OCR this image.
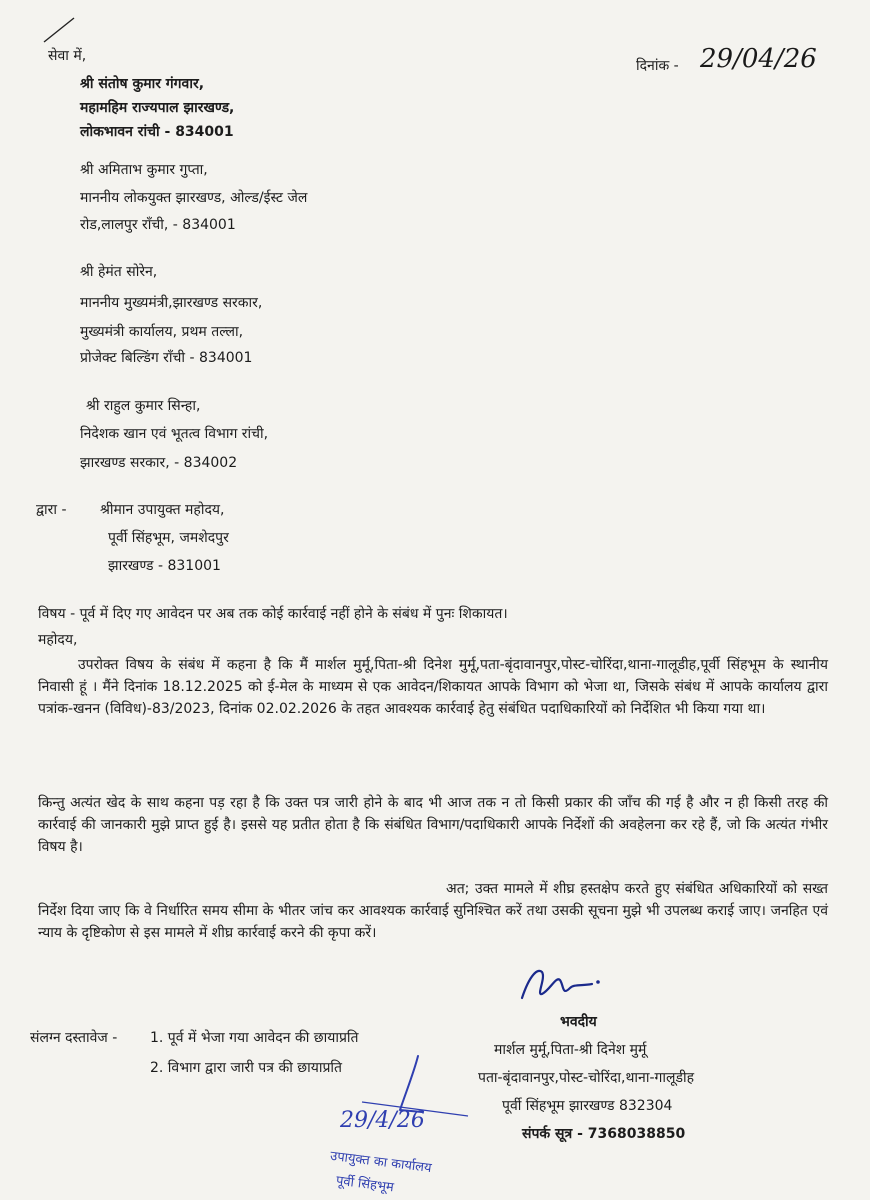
सेवा में,
दिनांक - 29/04/26
श्री संतोष कुमार गंगवार,
महामहिम राज्यपाल झारखण्ड,
लोकभावन रांची - 834001
श्री अमिताभ कुमार गुप्ता,
माननीय लोकयुक्त झारखण्ड, ओल्ड/ईस्ट जेल
रोड,लालपुर राँची, - 834001
श्री हेमंत सोरेन,
माननीय मुख्यमंत्री,झारखण्ड सरकार,
मुख्यमंत्री कार्यालय, प्रथम तल्ला,
प्रोजेक्ट बिल्डिंग राँची - 834001
श्री राहुल कुमार सिन्हा,
निदेशक खान एवं भूतत्व विभाग रांची,
झारखण्ड सरकार, - 834002
द्वारा - श्रीमान उपायुक्त महोदय,
पूर्वी सिंहभूम, जमशेदपुर
झारखण्ड - 831001
विषय - पूर्व में दिए गए आवेदन पर अब तक कोई कार्रवाई नहीं होने के संबंध में पुनः शिकायत।
महोदय,
उपरोक्त विषय के संबंध में कहना है कि मैं मार्शल मुर्मू,पिता-श्री दिनेश मुर्मू,पता-बृंदावानपुर,पोस्ट-चोरिंदा,थाना-गालूडीह,पूर्वी सिंहभूम के स्थानीय निवासी हूं । मैंने दिनांक 18.12.2025 को ई-मेल के माध्यम से एक आवेदन/शिकायत आपके विभाग को भेजा था, जिसके संबंध में आपके कार्यालय द्वारा पत्रांक-खनन (विविध)-83/2023, दिनांक 02.02.2026 के तहत आवश्यक कार्रवाई हेतु संबंधित पदाधिकारियों को निर्देशित भी किया गया था।
किन्तु अत्यंत खेद के साथ कहना पड़ रहा है कि उक्त पत्र जारी होने के बाद भी आज तक न तो किसी प्रकार की जाँच की गई है और न ही किसी तरह की कार्रवाई की जानकारी मुझे प्राप्त हुई है। इससे यह प्रतीत होता है कि संबंधित विभाग/पदाधिकारी आपके निर्देशों की अवहेलना कर रहे हैं, जो कि अत्यंत गंभीर विषय है।
अत; उक्त मामले में शीघ्र हस्तक्षेप करते हुए संबंधित अधिकारियों को सख्त निर्देश दिया जाए कि वे निर्धारित समय सीमा के भीतर जांच कर आवश्यक कार्रवाई सुनिश्चित करें तथा उसकी सूचना मुझे भी उपलब्ध कराई जाए। जनहित एवं न्याय के दृष्टिकोण से इस मामले में शीघ्र कार्रवाई करने की कृपा करें।
भवदीय
मार्शल मुर्मू,पिता-श्री दिनेश मुर्मू
पता-बृंदावानपुर,पोस्ट-चोरिंदा,थाना-गालूडीह
पूर्वी सिंहभूम झारखण्ड 832304
संपर्क सूत्र - 7368038850
संलग्न दस्तावेज - 1. पूर्व में भेजा गया आवेदन की छायाप्रति
2. विभाग द्वारा जारी पत्र की छायाप्रति
29/4/26
उपायुक्त का कार्यालय
पूर्वी सिंहभूम
